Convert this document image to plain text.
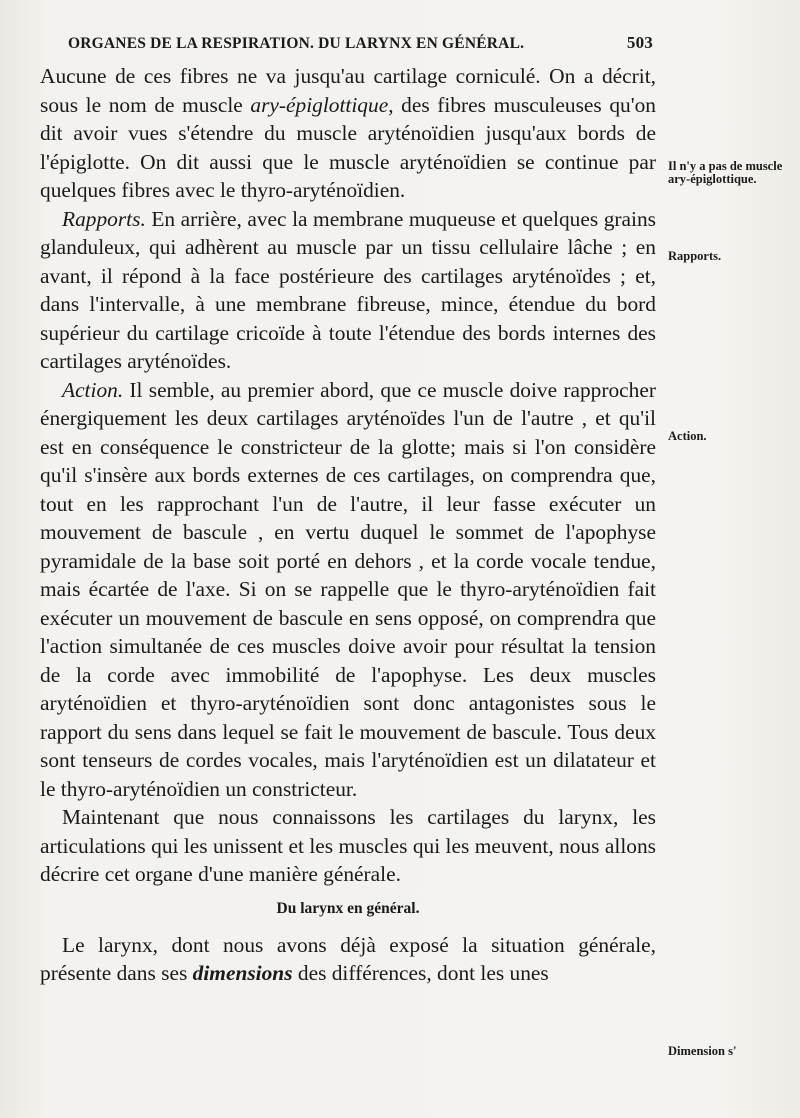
ORGANES DE LA RESPIRATION. DU LARYNX EN GÉNÉRAL.	503

Aucune de ces fibres ne va jusqu'au cartilage corniculé. On a décrit, sous le nom de muscle ary-épiglottique, des fibres musculeuses qu'on dit avoir vues s'étendre du muscle aryténoïdien jusqu'aux bords de l'épiglotte. On dit aussi que le muscle aryténoïdien se continue par quelques fibres avec le thyro-aryténoïdien.

Rapports. En arrière, avec la membrane muqueuse et quelques grains glanduleux, qui adhèrent au muscle par un tissu cellulaire lâche ; en avant, il répond à la face postérieure des cartilages aryténoïdes ; et, dans l'intervalle, à une membrane fibreuse, mince, étendue du bord supérieur du cartilage cricoïde à toute l'étendue des bords internes des cartilages aryténoïdes.

Action. Il semble, au premier abord, que ce muscle doive rapprocher énergiquement les deux cartilages aryténoïdes l'un de l'autre , et qu'il est en conséquence le constricteur de la glotte; mais si l'on considère qu'il s'insère aux bords externes de ces cartilages, on comprendra que, tout en les rapprochant l'un de l'autre, il leur fasse exécuter un mouvement de bascule , en vertu duquel le sommet de l'apophyse pyramidale de la base soit porté en dehors , et la corde vocale tendue, mais écartée de l'axe. Si on se rappelle que le thyro-aryténoïdien fait exécuter un mouvement de bascule en sens opposé, on comprendra que l'action simultanée de ces muscles doive avoir pour résultat la tension de la corde avec immobilité de l'apophyse. Les deux muscles aryténoïdien et thyro-aryténoïdien sont donc antagonistes sous le rapport du sens dans lequel se fait le mouvement de bascule. Tous deux sont tenseurs de cordes vocales, mais l'aryténoïdien est un dilatateur et le thyro-aryténoïdien un constricteur.

Maintenant que nous connaissons les cartilages du larynx, les articulations qui les unissent et les muscles qui les meuvent, nous allons décrire cet organe d'une manière générale.

Du larynx en général.

Le larynx, dont nous avons déjà exposé la situation générale, présente dans ses dimensions des différences, dont les unes

Il n'y a pas de muscle ary-épiglottique.
Rapports.
Action.
Dimension s'
